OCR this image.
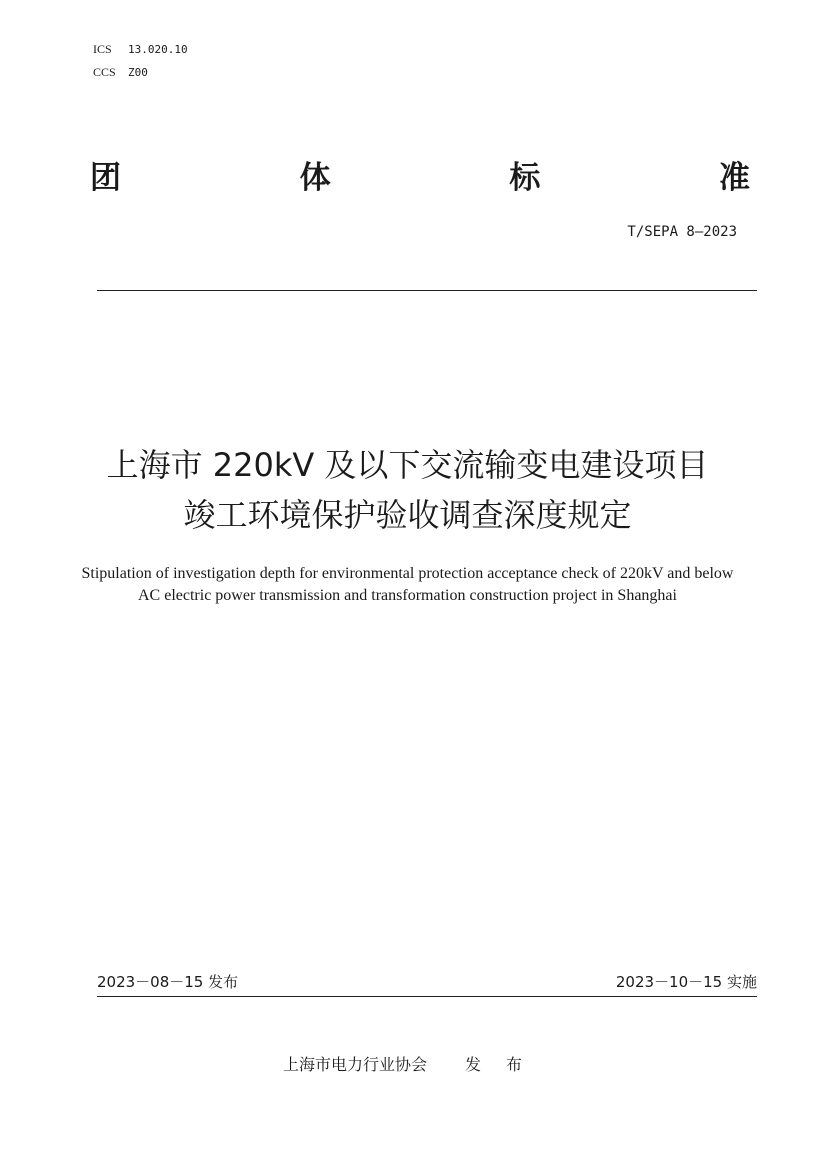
ICS 13.020.10
CCS Z00
团	体	标	准
T/SEPA 8—2023
上海市 220kV 及以下交流输变电建设项目
竣工环境保护验收调查深度规定
Stipulation of investigation depth for environmental protection acceptance check of 220kV and below AC electric power transmission and transformation construction project in Shanghai
2023－08－15 发布	2023－10－15 实施
上海市电力行业协会 发 布
